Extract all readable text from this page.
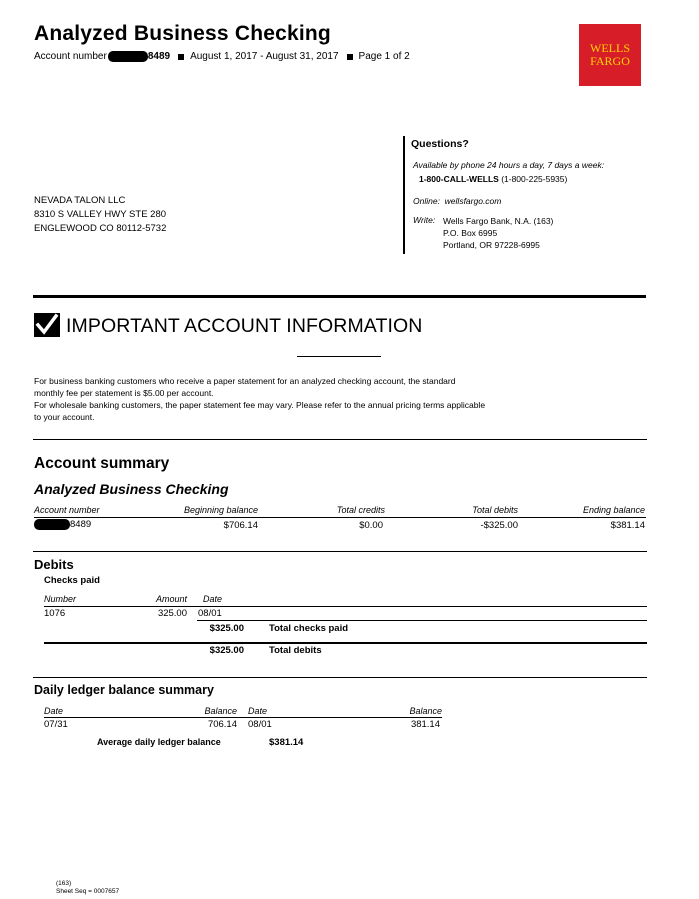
Analyzed Business Checking
Account number	8489 August 1, 2017 - August 31, 2017 Page 1 of 2
WELLS
FARGO
NEVADA TALON LLC
8310 S VALLEY HWY STE 280
ENGLEWOOD CO 80112-5732
Questions?
Available by phone 24 hours a day, 7 days a week:
1-800-CALL-WELLS (1-800-225-5935)
Online: wellsfargo.com
Write: Wells Fargo Bank, N.A. (163)
P.O. Box 6995
Portland, OR 97228-6995
IMPORTANT ACCOUNT INFORMATION
For business banking customers who receive a paper statement for an analyzed checking account, the standard
monthly fee per statement is $5.00 per account.
For wholesale banking customers, the paper statement fee may vary. Please refer to the annual pricing terms applicable
to your account.
Account summary
Analyzed Business Checking
Account number	Beginning balance	Total credits	Total debits	Ending balance
8489	$706.14	$0.00	-$325.00	$381.14
Debits
Checks paid
Number	Amount Date
1076	325.00 08/01
$325.00	Total checks paid
$325.00	Total debits
Daily ledger balance summary
Date	Balance Date	Balance
07/31	706.14 08/01	381.14
Average daily ledger balance	$381.14
(163)
Sheet Seq = 0007657
